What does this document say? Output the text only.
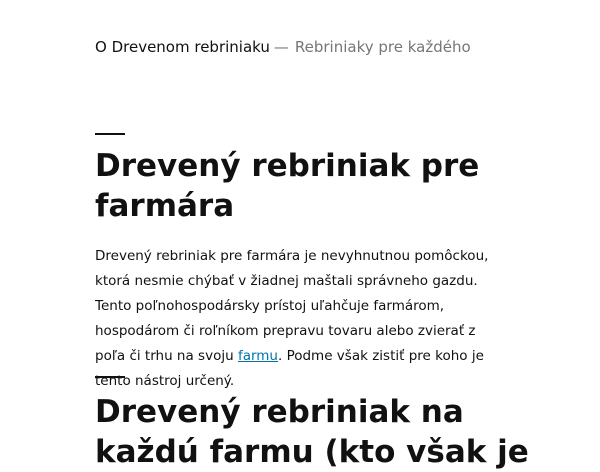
O Drevenom rebriniaku — Rebriniaky pre každého
Drevený rebriniak pre farmára

Drevený rebriniak pre farmára je nevyhnutnou pomôckou, ktorá nesmie chýbať v žiadnej maštali správneho gazdu. Tento poľnohospodársky prístoj uľahčuje farmárom, hospodárom či roľníkom prepravu tovaru alebo zvierať z poľa či trhu na svoju farmu. Podme však zistiť pre koho je tento nástroj určený.

Drevený rebriniak na každú farmu (kto však je
